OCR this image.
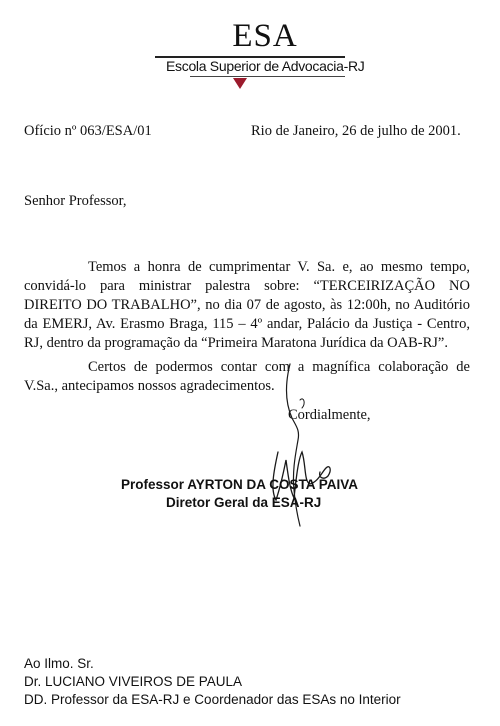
ESA
Escola Superior de Advocacia-RJ
Ofício nº 063/ESA/01	Rio de Janeiro, 26 de julho de 2001.
Senhor Professor,
Temos a honra de cumprimentar V. Sa. e, ao mesmo tempo,
convidá-lo para ministrar palestra sobre: “TERCEIRIZAÇÃO NO
DIREITO DO TRABALHO”, no dia 07 de agosto, às 12:00h, no Auditório
da EMERJ, Av. Erasmo Braga, 115 – 4º andar, Palácio da Justiça - Centro,
RJ, dentro da programação da “Primeira Maratona Jurídica da OAB-RJ”.
Certos de podermos contar com a magnífica colaboração de
V.Sa., antecipamos nossos agradecimentos.
Cordialmente,
Professor AYRTON DA COSTA PAIVA
Diretor Geral da ESA-RJ
Ao Ilmo. Sr.
Dr. LUCIANO VIVEIROS DE PAULA
DD. Professor da ESA-RJ e Coordenador das ESAs no Interior
